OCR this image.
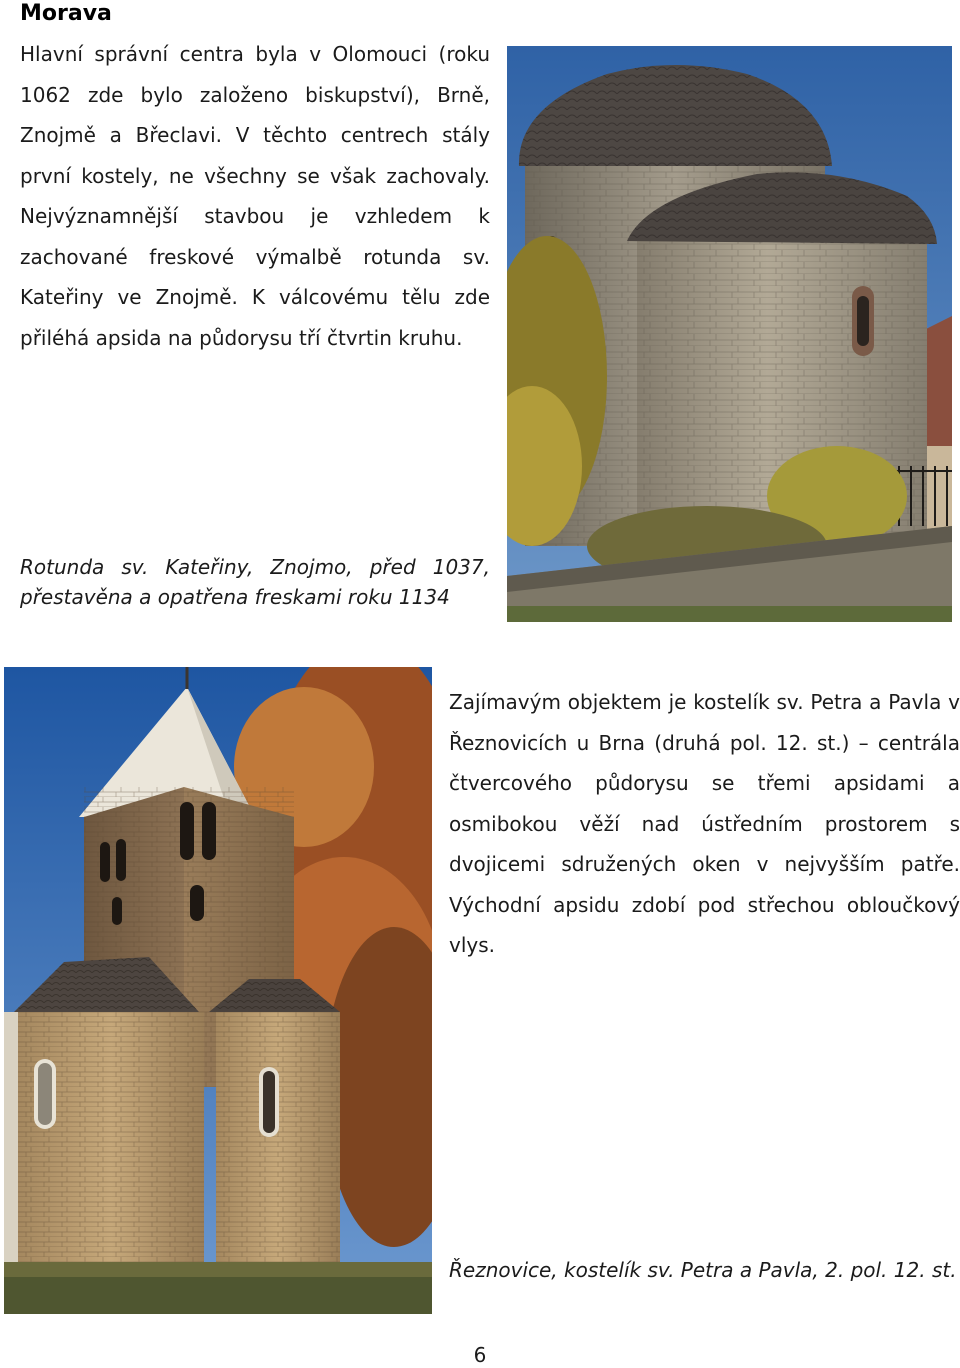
Morava
Hlavní správní centra byla v Olomouci (roku 1062 zde bylo založeno biskupství), Brně, Znojmě a Břeclavi. V těchto centrech stály první kostely, ne všechny se však zachovaly. Nejvýznamnější stavbou je vzhledem k zachované freskové výmalbě rotunda sv. Kateřiny ve Znojmě. K válcovému tělu zde přiléhá apsida na půdorysu tří čtvrtin kruhu.
Rotunda sv. Kateřiny, Znojmo, před 1037, přestavěna a opatřena freskami roku 1134
Zajímavým objektem je kostelík sv. Petra a Pavla v Řeznovicích u Brna (druhá pol. 12. st.) – centrála čtvercového půdorysu se třemi apsidami a osmibokou věží nad ústředním prostorem s dvojicemi sdružených oken v nejvyšším patře. Východní apsidu zdobí pod střechou obloučkový vlys.
Řeznovice, kostelík sv. Petra a Pavla, 2. pol. 12. st.
6
